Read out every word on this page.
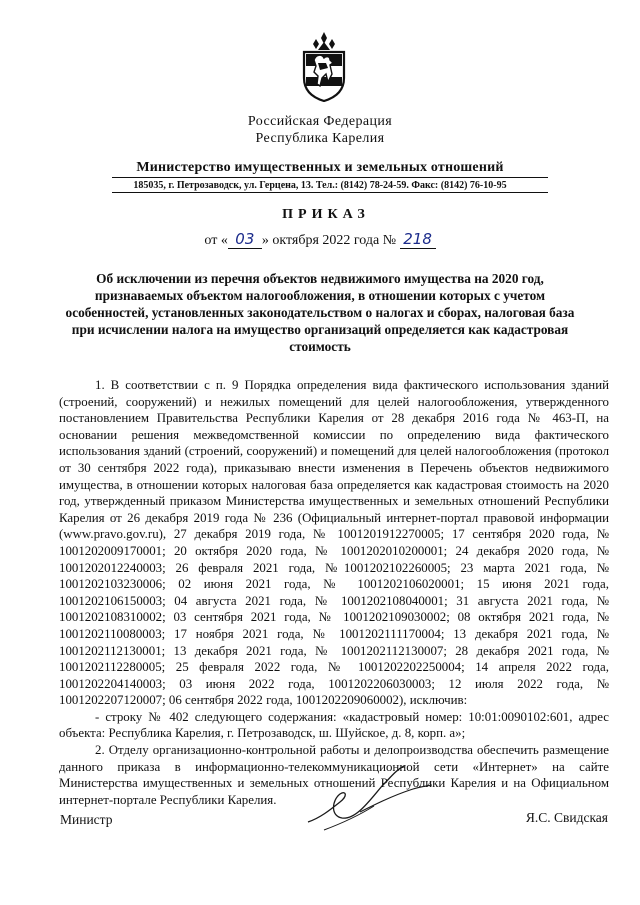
Российская Федерация
Республика Карелия
Министерство имущественных и земельных отношений
185035, г. Петрозаводск, ул. Герцена, 13. Тел.: (8142) 78-24-59. Факс: (8142) 76-10-95
ПРИКАЗ
от « 03 » октября 2022 года № 218
Об исключении из перечня объектов недвижимого имущества на 2020 год, признаваемых объектом налогообложения, в отношении которых с учетом особенностей, установленных законодательством о налогах и сборах, налоговая база при исчислении налога на имущество организаций определяется как кадастровая стоимость

1. В соответствии с п. 9 Порядка определения вида фактического использования зданий (строений, сооружений) и нежилых помещений для целей налогообложения, утвержденного постановлением Правительства Республики Карелия от 28 декабря 2016 года № 463-П, на основании решения межведомственной комиссии по определению вида фактического использования зданий (строений, сооружений) и помещений для целей налогообложения (протокол от 30 сентября 2022 года), приказываю внести изменения в Перечень объектов недвижимого имущества, в отношении которых налоговая база определяется как кадастровая стоимость на 2020 год, утвержденный приказом Министерства имущественных и земельных отношений Республики Карелия от 26 декабря 2019 года № 236 (Официальный интернет-портал правовой информации (www.pravo.gov.ru), 27 декабря 2019 года, № 1001201912270005; 17 сентября 2020 года, № 1001202009170001; 20 октября 2020 года, № 1001202010200001; 24 декабря 2020 года, № 1001202012240003; 26 февраля 2021 года, №1001202102260005; 23 марта 2021 года, № 1001202103230006; 02 июня 2021 года, № 1001202106020001; 15 июня 2021 года, 1001202106150003; 04 августа 2021 года, № 1001202108040001; 31 августа 2021 года, № 1001202108310002; 03 сентября 2021 года, № 1001202109030002; 08 октября 2021 года, № 1001202110080003; 17 ноября 2021 года, № 1001202111170004; 13 декабря 2021 года, № 1001202112130001; 13 декабря 2021 года, № 1001202112130007; 28 декабря 2021 года, № 1001202112280005; 25 февраля 2022 года, № 1001202202250004; 14 апреля 2022 года, 1001202204140003; 03 июня 2022 года, 1001202206030003; 12 июля 2022 года, № 1001202207120007; 06 сентября 2022 года, 1001202209060002), исключив:

- строку № 402 следующего содержания: «кадастровый номер: 10:01:0090102:601, адрес объекта: Республика Карелия, г. Петрозаводск, ш. Шуйское, д. 8, корп. а»;

2. Отделу организационно-контрольной работы и делопроизводства обеспечить размещение данного приказа в информационно-телекоммуникационной сети «Интернет» на сайте Министерства имущественных и земельных отношений Республики Карелия и на Официальном интернет-портале Республики Карелия.

Министр	Я.С. Свидская
